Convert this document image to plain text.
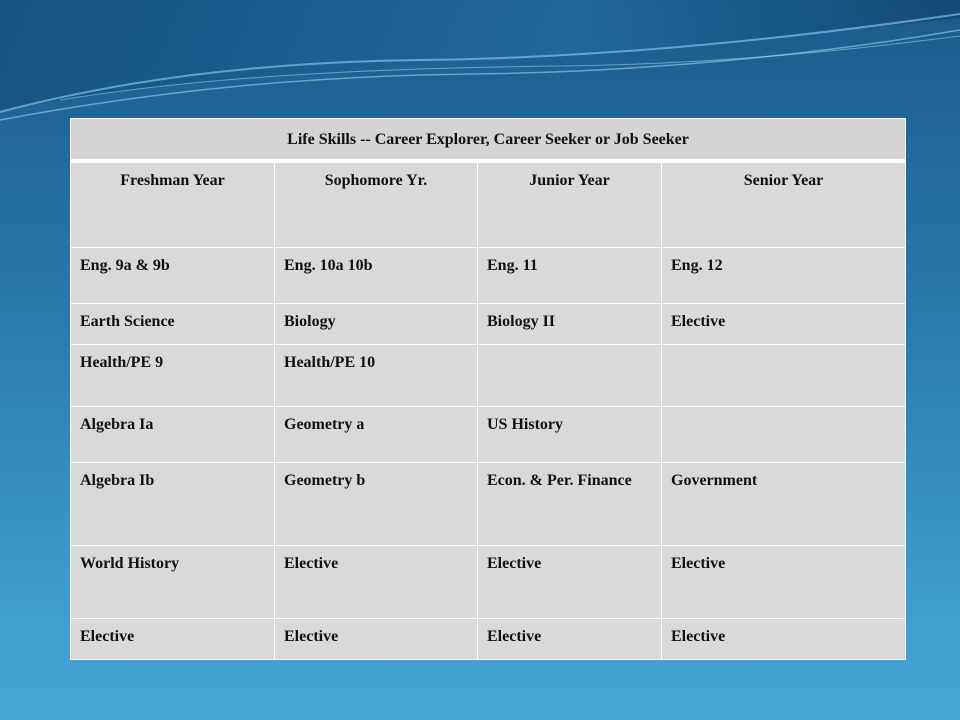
Life Skills -- Career Explorer, Career Seeker or Job Seeker			
Freshman Year	Sophomore Yr.	Junior Year	Senior Year
Eng. 9a & 9b	Eng. 10a 10b	Eng. 11	Eng. 12
Earth Science	Biology	Biology II	Elective
Health/PE 9	Health/PE 10		
Algebra Ia	Geometry a	US History	
Algebra Ib	Geometry b	Econ. & Per. Finance	Government
World History	Elective	Elective	Elective
Elective	Elective	Elective	Elective
